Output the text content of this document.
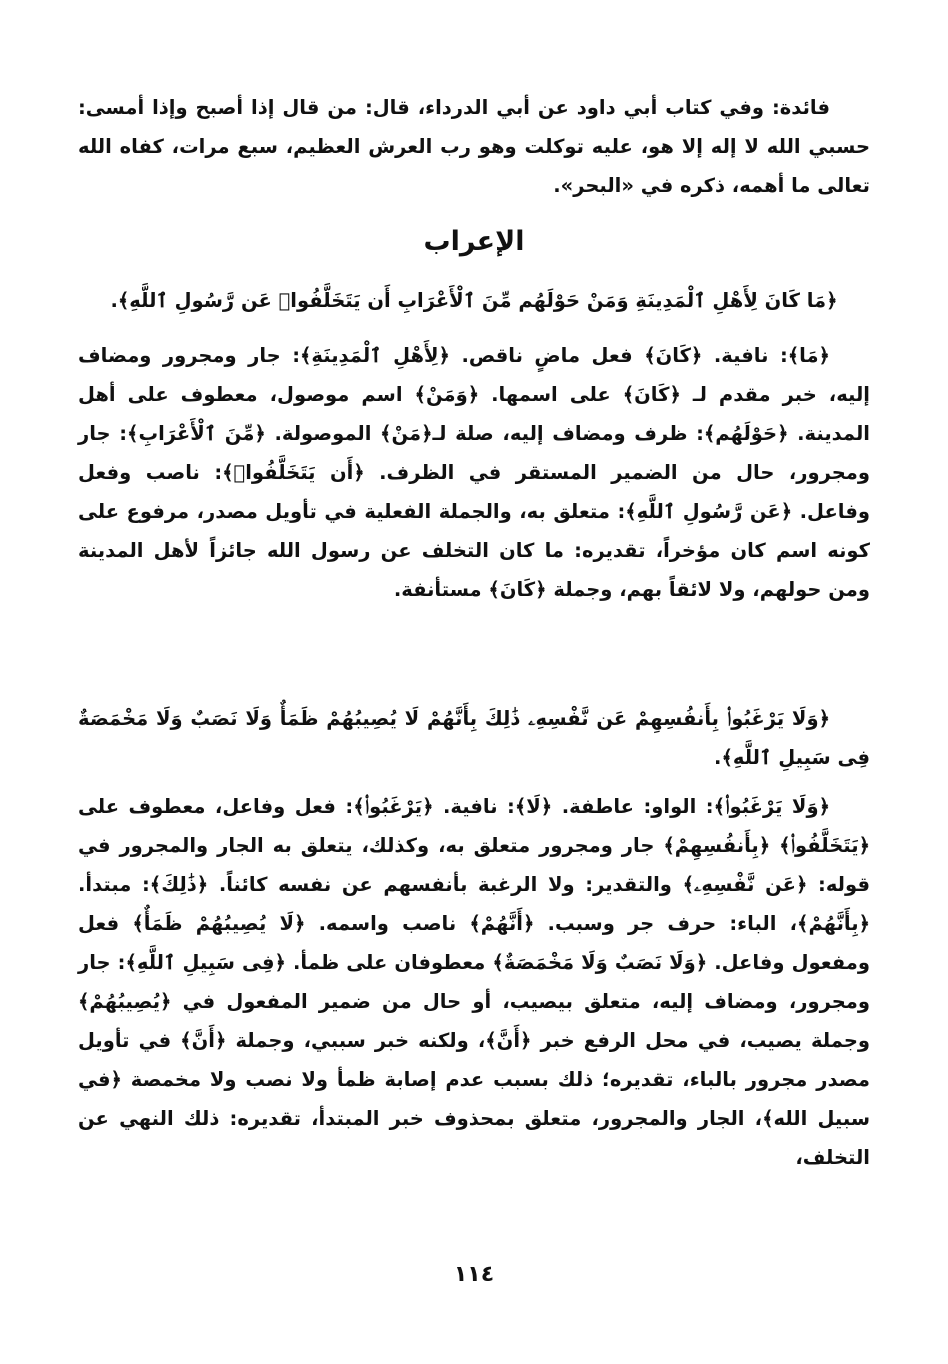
فائدة: وفي كتاب أبي داود عن أبي الدرداء، قال: من قال إذا أصبح وإذا أمسى: حسبي الله لا إله إلا هو، عليه توكلت وهو رب العرش العظيم، سبع مرات، كفاه الله تعالى ما أهمه، ذكره في «البحر».

الإعراب

﴿مَا كَانَ لِأَهْلِ ٱلْمَدِينَةِ وَمَنْ حَوْلَهُم مِّنَ ٱلْأَعْرَابِ أَن يَتَخَلَّفُوا۟ عَن رَّسُولِ ٱللَّهِ﴾.

﴿مَا﴾: نافية. ﴿كَانَ﴾ فعل ماضٍ ناقص. ﴿لِأَهْلِ ٱلْمَدِينَةِ﴾: جار ومجرور ومضاف إليه، خبر مقدم لـ ﴿كَانَ﴾ على اسمها. ﴿وَمَنْ﴾ اسم موصول، معطوف على أهل المدينة. ﴿حَوْلَهُم﴾: ظرف ومضاف إليه، صلة لـ﴿مَنْ﴾ الموصولة. ﴿مِّنَ ٱلْأَعْرَابِ﴾: جار ومجرور، حال من الضمير المستقر في الظرف. ﴿أَن يَتَخَلَّفُوا۟﴾: ناصب وفعل وفاعل. ﴿عَن رَّسُولِ ٱللَّهِ﴾: متعلق به، والجملة الفعلية في تأويل مصدر، مرفوع على كونه اسم كان مؤخراً، تقديره: ما كان التخلف عن رسول الله جائزاً لأهل المدينة ومن حولهم، ولا لائقاً بهم، وجملة ﴿كَانَ﴾ مستأنفة.

﴿وَلَا يَرْغَبُوا۟ بِأَنفُسِهِمْ عَن نَّفْسِهِۦ ذَٰلِكَ بِأَنَّهُمْ لَا يُصِيبُهُمْ ظَمَأٌ وَلَا نَصَبٌ وَلَا مَخْمَصَةٌ فِى سَبِيلِ ٱللَّهِ﴾.

﴿وَلَا يَرْغَبُوا۟﴾: الواو: عاطفة. ﴿لَا﴾: نافية. ﴿يَرْغَبُوا۟﴾: فعل وفاعل، معطوف على ﴿يَتَخَلَّفُوا۟﴾ ﴿بِأَنفُسِهِمْ﴾ جار ومجرور متعلق به، وكذلك، يتعلق به الجار والمجرور في قوله: ﴿عَن نَّفْسِهِۦ﴾ والتقدير: ولا الرغبة بأنفسهم عن نفسه كائناً. ﴿ذَٰلِكَ﴾: مبتدأ. ﴿بِأَنَّهُمْ﴾، الباء: حرف جر وسبب. ﴿أَنَّهُمْ﴾ ناصب واسمه. ﴿لَا يُصِيبُهُمْ ظَمَأٌ﴾ فعل ومفعول وفاعل. ﴿وَلَا نَصَبٌ وَلَا مَخْمَصَةٌ﴾ معطوفان على ظمأ. ﴿فِى سَبِيلِ ٱللَّهِ﴾: جار ومجرور، ومضاف إليه، متعلق بيصيب، أو حال من ضمير المفعول في ﴿يُصِيبُهُمْ﴾ وجملة يصيب، في محل الرفع خبر ﴿أَنَّ﴾، ولكنه خبر سببي، وجملة ﴿أَنَّ﴾ في تأويل مصدر مجرور بالباء، تقديره؛ ذلك بسبب عدم إصابة ظمأ ولا نصب ولا مخمصة ﴿في سبيل الله﴾، الجار والمجرور، متعلق بمحذوف خبر المبتدأ، تقديره: ذلك النهي عن التخلف،

١١٤
